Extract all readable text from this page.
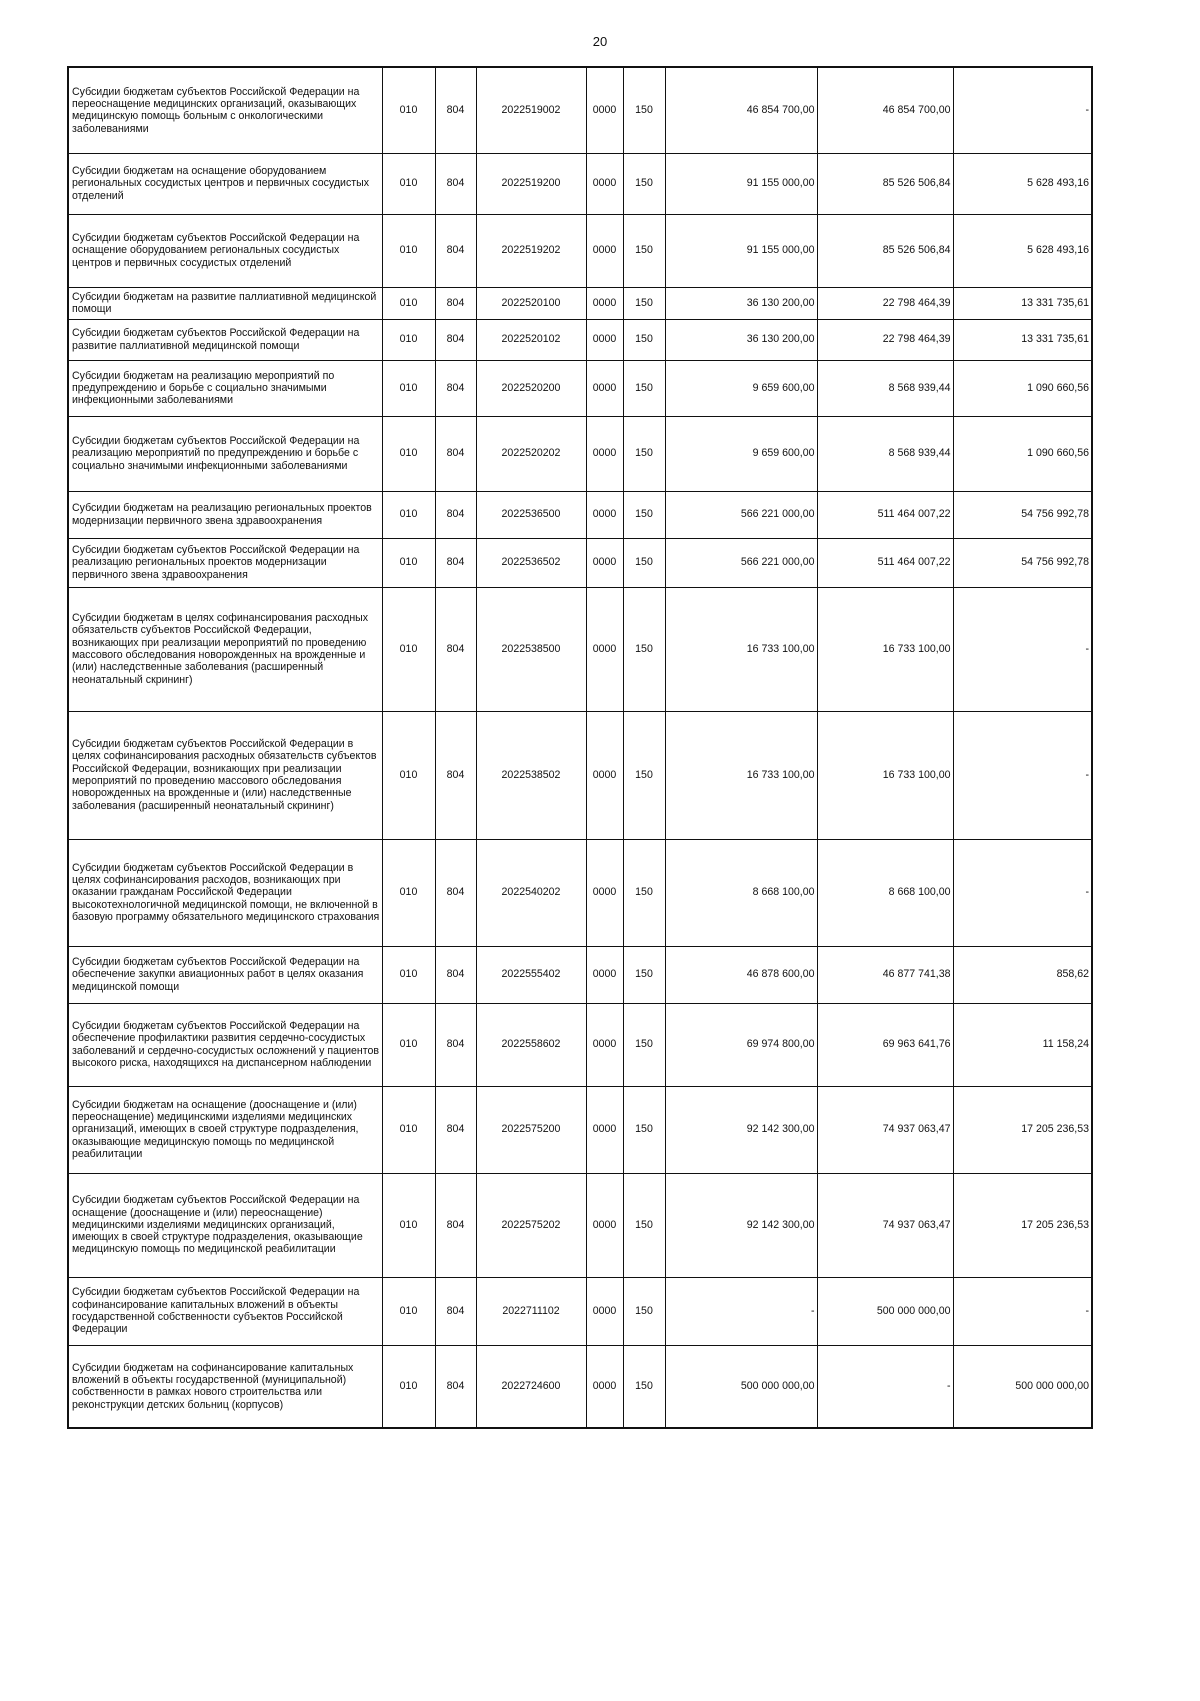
20
Субсидии бюджетам субъектов Российской Федерации на переоснащение медицинских организаций, оказывающих медицинскую помощь больным с онкологическими заболеваниями	010	804	2022519002	0000	150	46 854 700,00	46 854 700,00	-
Субсидии бюджетам на оснащение оборудованием региональных сосудистых центров и первичных сосудистых отделений	010	804	2022519200	0000	150	91 155 000,00	85 526 506,84	5 628 493,16
Субсидии бюджетам субъектов Российской Федерации на оснащение оборудованием региональных сосудистых центров и первичных сосудистых отделений	010	804	2022519202	0000	150	91 155 000,00	85 526 506,84	5 628 493,16
Субсидии бюджетам на развитие паллиативной медицинской помощи	010	804	2022520100	0000	150	36 130 200,00	22 798 464,39	13 331 735,61
Субсидии бюджетам субъектов Российской Федерации на развитие паллиативной медицинской помощи	010	804	2022520102	0000	150	36 130 200,00	22 798 464,39	13 331 735,61
Субсидии бюджетам на реализацию мероприятий по предупреждению и борьбе с социально значимыми инфекционными заболеваниями	010	804	2022520200	0000	150	9 659 600,00	8 568 939,44	1 090 660,56
Субсидии бюджетам субъектов Российской Федерации на реализацию мероприятий по предупреждению и борьбе с социально значимыми инфекционными заболеваниями	010	804	2022520202	0000	150	9 659 600,00	8 568 939,44	1 090 660,56
Субсидии бюджетам на реализацию региональных проектов модернизации первичного звена здравоохранения	010	804	2022536500	0000	150	566 221 000,00	511 464 007,22	54 756 992,78
Субсидии бюджетам субъектов Российской Федерации на реализацию региональных проектов модернизации первичного звена здравоохранения	010	804	2022536502	0000	150	566 221 000,00	511 464 007,22	54 756 992,78
Субсидии бюджетам в целях софинансирования расходных обязательств субъектов Российской Федерации, возникающих при реализации мероприятий по проведению массового обследования новорожденных на врожденные и (или) наследственные заболевания (расширенный неонатальный скрининг)	010	804	2022538500	0000	150	16 733 100,00	16 733 100,00	-
Субсидии бюджетам субъектов Российской Федерации в целях софинансирования расходных обязательств субъектов Российской Федерации, возникающих при реализации мероприятий по проведению массового обследования новорожденных на врожденные и (или) наследственные заболевания (расширенный неонатальный скрининг)	010	804	2022538502	0000	150	16 733 100,00	16 733 100,00	-
Субсидии бюджетам субъектов Российской Федерации в целях софинансирования расходов, возникающих при оказании гражданам Российской Федерации высокотехнологичной медицинской помощи, не включенной в базовую программу обязательного медицинского страхования	010	804	2022540202	0000	150	8 668 100,00	8 668 100,00	-
Субсидии бюджетам субъектов Российской Федерации на обеспечение закупки авиационных работ в целях оказания медицинской помощи	010	804	2022555402	0000	150	46 878 600,00	46 877 741,38	858,62
Субсидии бюджетам субъектов Российской Федерации на обеспечение профилактики развития сердечно-сосудистых заболеваний и сердечно-сосудистых осложнений у пациентов высокого риска, находящихся на диспансерном наблюдении	010	804	2022558602	0000	150	69 974 800,00	69 963 641,76	11 158,24
Субсидии бюджетам на оснащение (дооснащение и (или) переоснащение) медицинскими изделиями медицинских организаций, имеющих в своей структуре подразделения, оказывающие медицинскую помощь по медицинской реабилитации	010	804	2022575200	0000	150	92 142 300,00	74 937 063,47	17 205 236,53
Субсидии бюджетам субъектов Российской Федерации на оснащение (дооснащение и (или) переоснащение) медицинскими изделиями медицинских организаций, имеющих в своей структуре подразделения, оказывающие медицинскую помощь по медицинской реабилитации	010	804	2022575202	0000	150	92 142 300,00	74 937 063,47	17 205 236,53
Субсидии бюджетам субъектов Российской Федерации на софинансирование капитальных вложений в объекты государственной собственности субъектов Российской Федерации	010	804	2022711102	0000	150	-	500 000 000,00	-
Субсидии бюджетам на софинансирование капитальных вложений в объекты государственной (муниципальной) собственности в рамках нового строительства или реконструкции детских больниц (корпусов)	010	804	2022724600	0000	150	500 000 000,00	-	500 000 000,00
